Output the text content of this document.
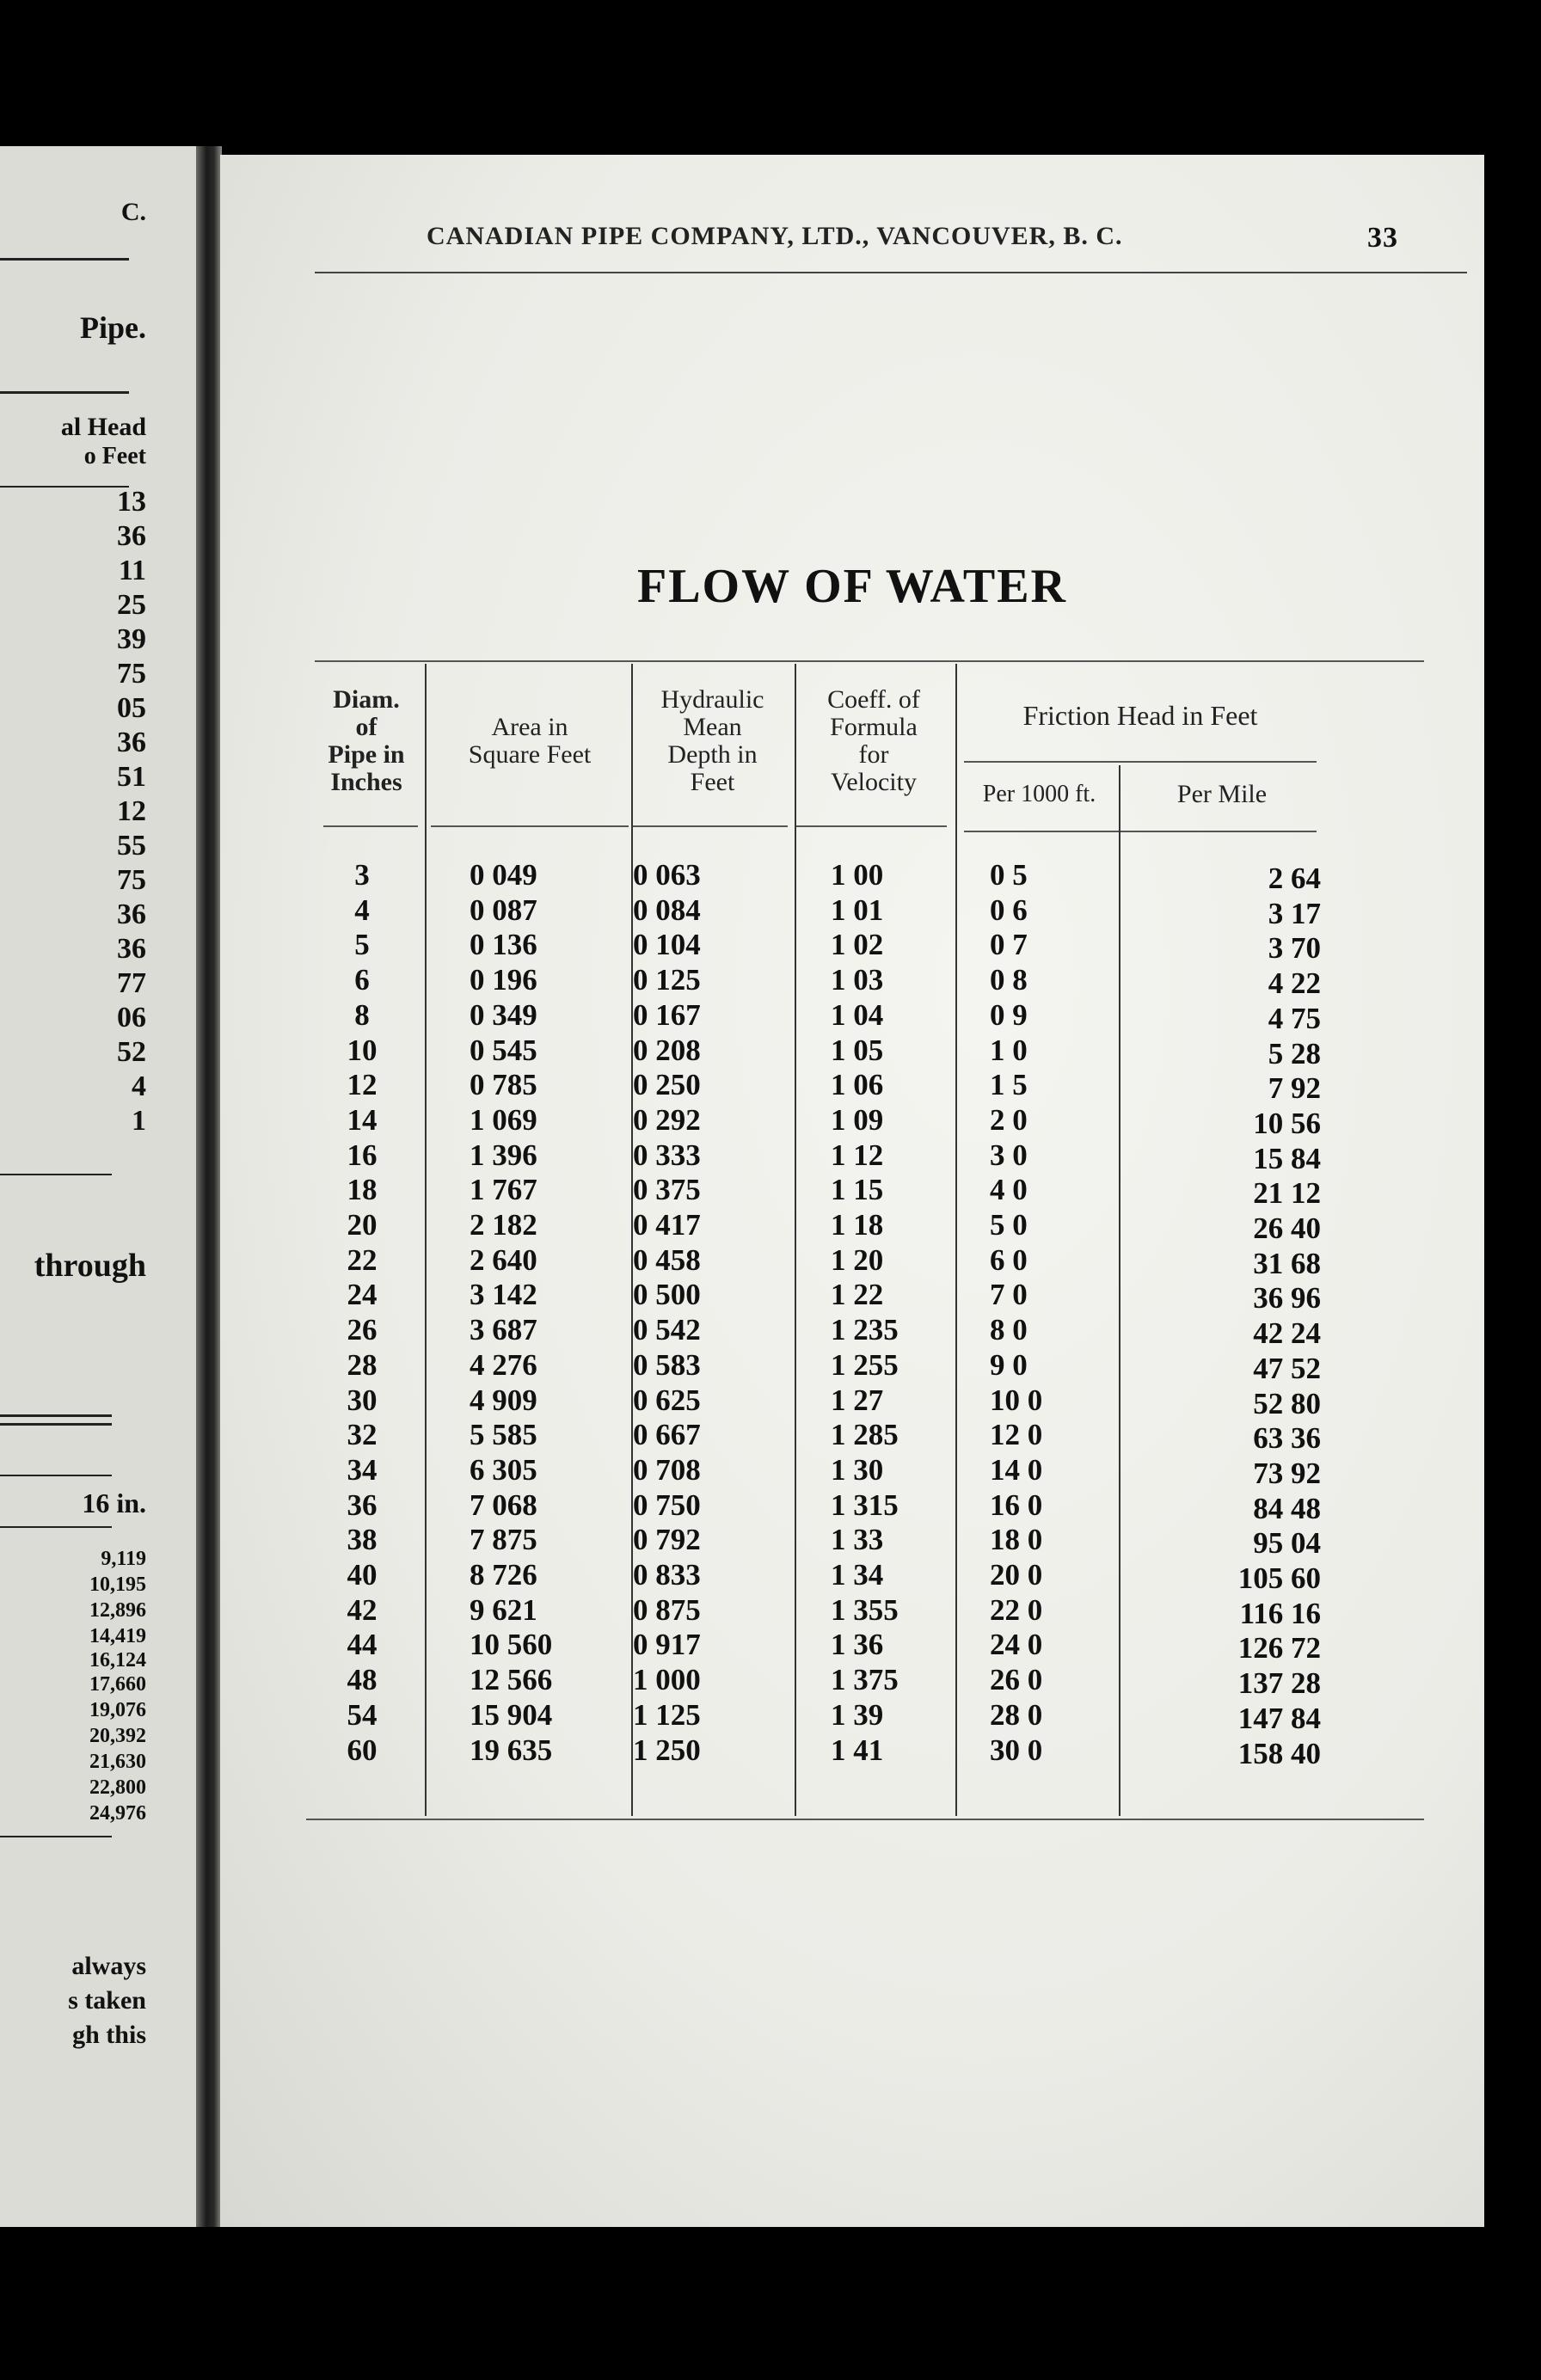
C.
Pipe.
al Head
o Feet
13
36
11
25
39
75
05
36
51
12
55
75
36
36
77
06
52
4
1
through
16 in.
9,119
10,195
12,896
14,419
16,124
17,660
19,076
20,392
21,630
22,800
24,976
always
s taken
gh this
CANADIAN PIPE COMPANY, LTD., VANCOUVER, B. C.	33
FLOW OF WATER
Diam.
of
Pipe in
Inches
Area in
Square Feet
Hydraulic
Mean
Depth in
Feet
Coeff. of
Formula
for
Velocity
Friction Head in Feet
Per 1000 ft.	Per Mile
3	0 049	0 063	1 00	0 5	2 64
4	0 087	0 084	1 01	0 6	3 17
5	0 136	0 104	1 02	0 7	3 70
6	0 196	0 125	1 03	0 8	4 22
8	0 349	0 167	1 04	0 9	4 75
10	0 545	0 208	1 05	1 0	5 28
12	0 785	0 250	1 06	1 5	7 92
14	1 069	0 292	1 09	2 0	10 56
16	1 396	0 333	1 12	3 0	15 84
18	1 767	0 375	1 15	4 0	21 12
20	2 182	0 417	1 18	5 0	26 40
22	2 640	0 458	1 20	6 0	31 68
24	3 142	0 500	1 22	7 0	36 96
26	3 687	0 542	1 235	8 0	42 24
28	4 276	0 583	1 255	9 0	47 52
30	4 909	0 625	1 27	10 0	52 80
32	5 585	0 667	1 285	12 0	63 36
34	6 305	0 708	1 30	14 0	73 92
36	7 068	0 750	1 315	16 0	84 48
38	7 875	0 792	1 33	18 0	95 04
40	8 726	0 833	1 34	20 0	105 60
42	9 621	0 875	1 355	22 0	116 16
44	10 560	0 917	1 36	24 0	126 72
48	12 566	1 000	1 375	26 0	137 28
54	15 904	1 125	1 39	28 0	147 84
60	19 635	1 250	1 41	30 0	158 40
